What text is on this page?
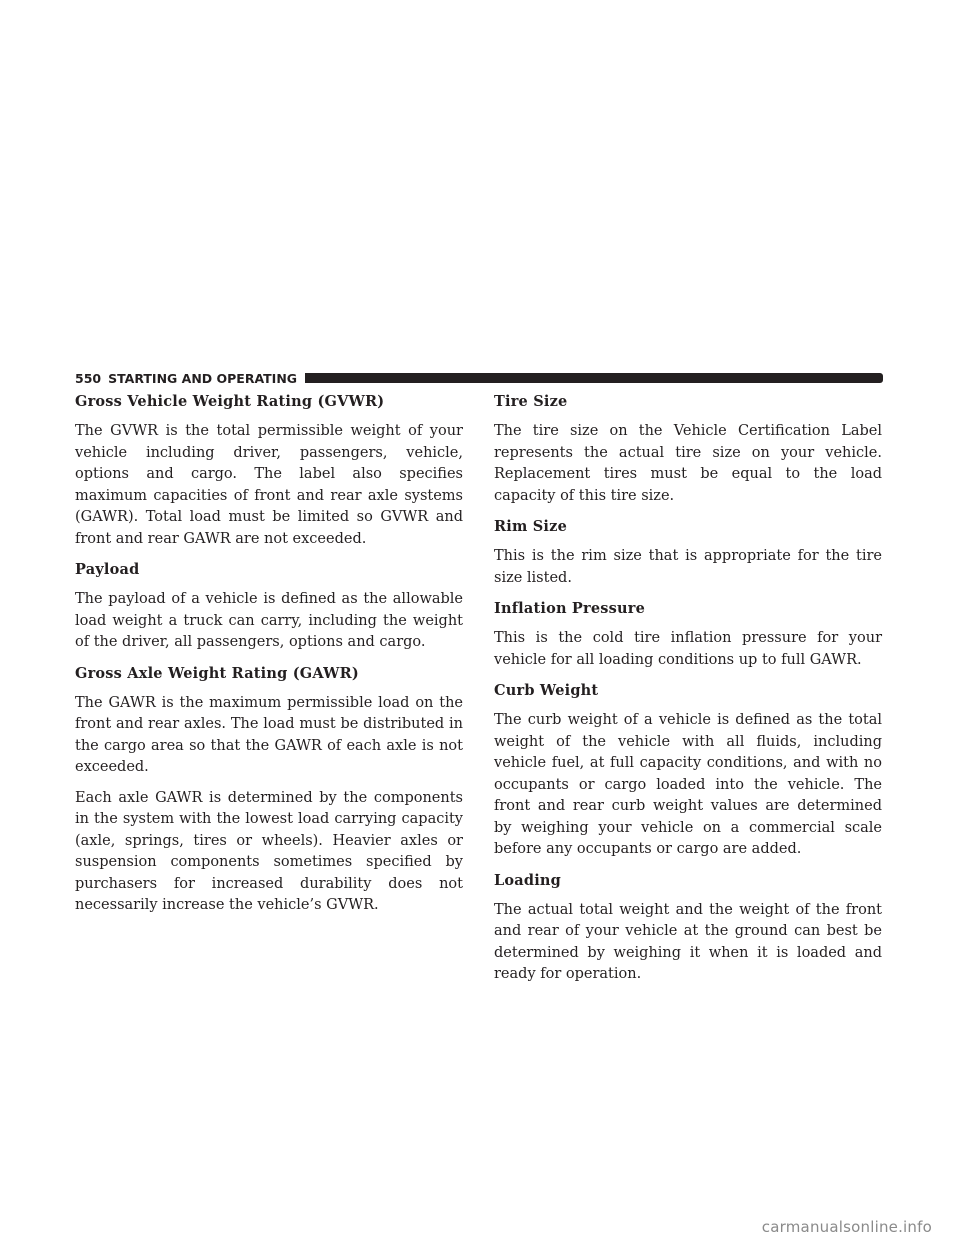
550 STARTING AND OPERATING
Gross Vehicle Weight Rating (GVWR)

The GVWR is the total permissible weight of your vehicle including driver, passengers, vehicle, options and cargo. The label also specifies maximum capacities of front and rear axle systems (GAWR). Total load must be limited so GVWR and front and rear GAWR are not exceeded.

Payload

The payload of a vehicle is defined as the allowable load weight a truck can carry, including the weight of the driver, all passengers, options and cargo.

Gross Axle Weight Rating (GAWR)

The GAWR is the maximum permissible load on the front and rear axles. The load must be distributed in the cargo area so that the GAWR of each axle is not exceeded.

Each axle GAWR is determined by the components in the system with the lowest load carrying capacity (axle, springs, tires or wheels). Heavier axles or suspension components sometimes specified by purchasers for increased durability does not necessarily increase the vehicle’s GVWR.

Tire Size

The tire size on the Vehicle Certification Label represents the actual tire size on your vehicle. Replacement tires must be equal to the load capacity of this tire size.

Rim Size

This is the rim size that is appropriate for the tire size listed.

Inflation Pressure

This is the cold tire inflation pressure for your vehicle for all loading conditions up to full GAWR.

Curb Weight

The curb weight of a vehicle is defined as the total weight of the vehicle with all fluids, including vehicle fuel, at full capacity conditions, and with no occupants or cargo loaded into the vehicle. The front and rear curb weight values are determined by weighing your vehicle on a commercial scale before any occupants or cargo are added.

Loading

The actual total weight and the weight of the front and rear of your vehicle at the ground can best be determined by weighing it when it is loaded and ready for operation.

carmanualsonline.info
